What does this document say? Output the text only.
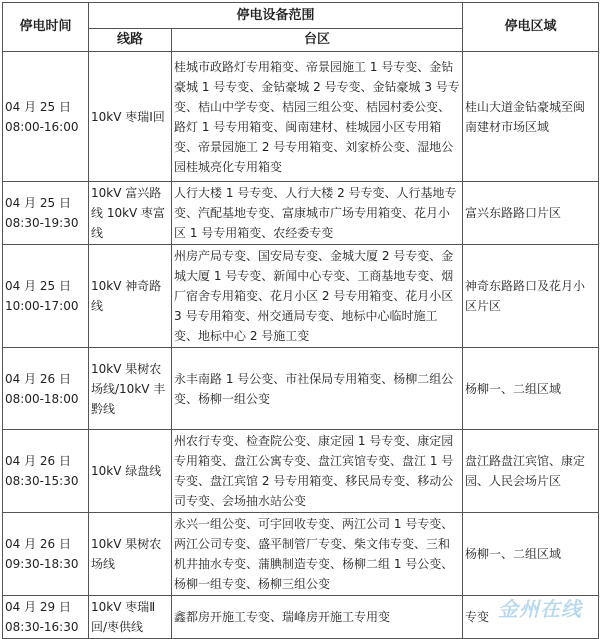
停电时间	停电设备范围		停电区域
	线路	台区	

04 月 25 日
08:00-16:00	10kV 枣瑞Ⅰ回	桂城市政路灯专用箱变、帝景园施工 1 号专变、金钻豪城 1 号专变、金钻豪城 2 号专变、金钻豪城 3 号专变、桔山中学专变、桔园三组公变、桔园村委公变、路灯 1 号专用箱变、闽南建材、桂城园小区专用箱变、帝景园施工 2 号专用箱变、刘家桥公变、湿地公园桂城亮化专用箱变	桂山大道金钻豪城至闽南建材市场区域

04 月 25 日
08:30-19:30	10kV 富兴路线 10kV 枣富线	人行大楼 1 号专变、人行大楼 2 号专变、人行基地专变、汽配基地专变、富康城市广场专用箱变、花月小区 1 号专用箱变、农经委专变	富兴东路路口片区

04 月 25 日
10:00-17:00	10kV 神奇路线	州房产局专变、国安局专变、金城大厦 2 号专变、金城大厦 1 号专变、新闻中心专变、工商基地专变、烟厂宿舍专用箱变、花月小区 2 号专用箱变、花月小区 3 号专用箱变、州交通局专变、地标中心临时施工变、地标中心 2 号施工变	神奇东路路口及花月小区片区

04 月 26 日
08:00-18:00	10kV 果树农场线/10kV 丰黔线	永丰南路 1 号公变、市社保局专用箱变、杨柳二组公变、杨柳一组公变	杨柳一、二组区域

04 月 26 日
08:30-15:30	10kV 绿盘线	州农行专变、检查院公变、康定园 1 号专变、康定园专用箱变、盘江公寓专变、盘江宾馆专变、盘江 1 号专变、盘江宾馆 2 号专用箱变、移民局专变、移动公司专变、会场抽水站公变	盘江路盘江宾馆、康定园、人民会场片区

04 月 26 日
09:30-18:30	10kV 果树农场线	永兴一组公变、可宇回收专变、两江公司 1 号专变、两江公司专变、盛平制管厂专变、柴文伟专变、三和机井抽水专变、蒲腆制造专变、杨柳二组 1 号公变、杨柳一组专变、杨柳三组公变	杨柳一、二组区域

04 月 29 日
08:30-16:30	10kV 枣瑞Ⅱ回/枣供线	鑫都房开施工专变、瑞峰房开施工专用变	专变 金州在线
